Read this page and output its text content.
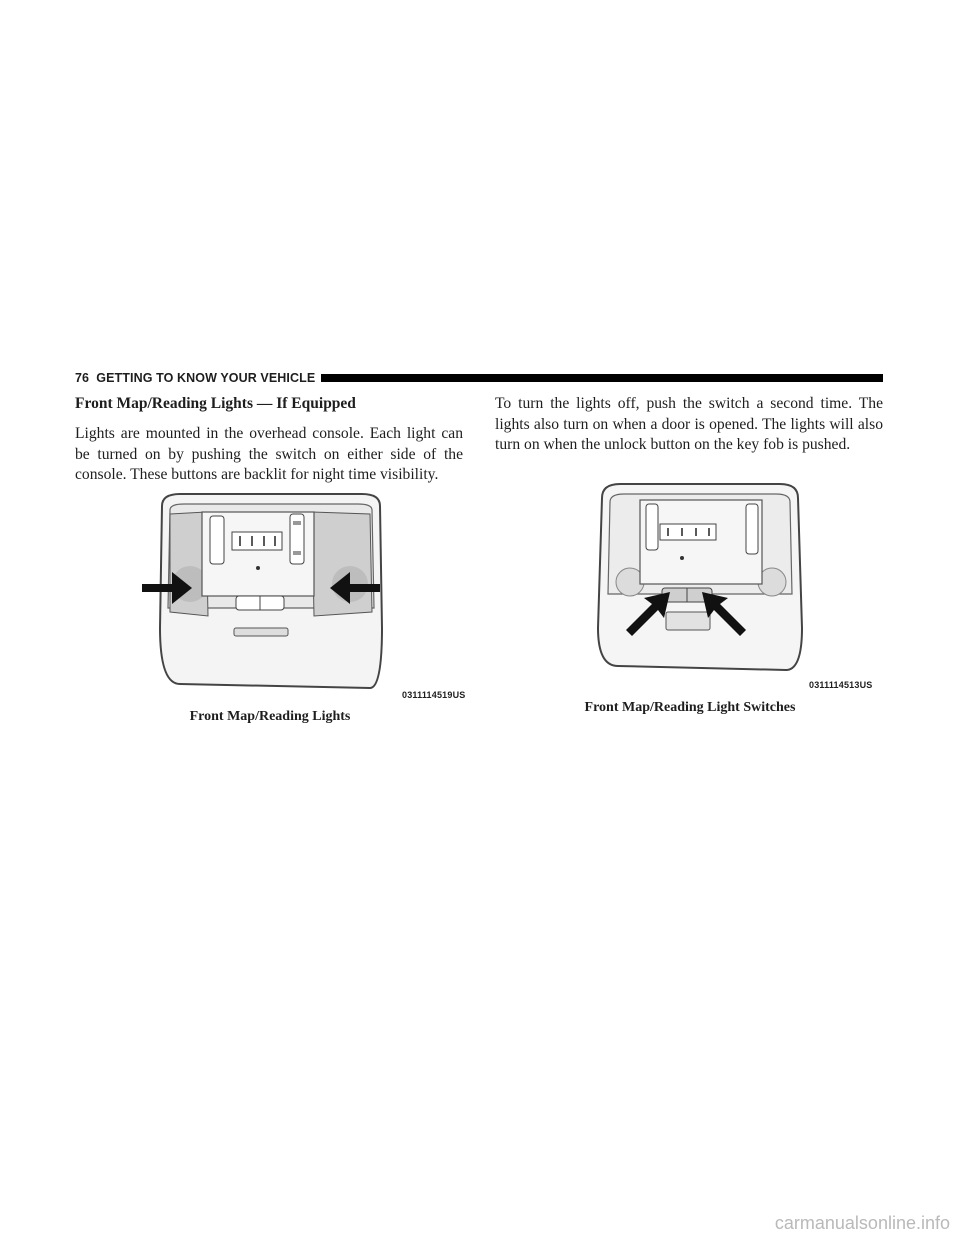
76 GETTING TO KNOW YOUR VEHICLE
Front Map/Reading Lights — If Equipped

Lights are mounted in the overhead console. Each light can be turned on by pushing the switch on either side of the console. These buttons are backlit for night time visibility.

To turn the lights off, push the switch a second time. The lights also turn on when a door is opened. The lights will also turn on when the unlock button on the key fob is pushed.

0311114519US
Front Map/Reading Lights
0311114513US
Front Map/Reading Light Switches
carmanualsonline.info
